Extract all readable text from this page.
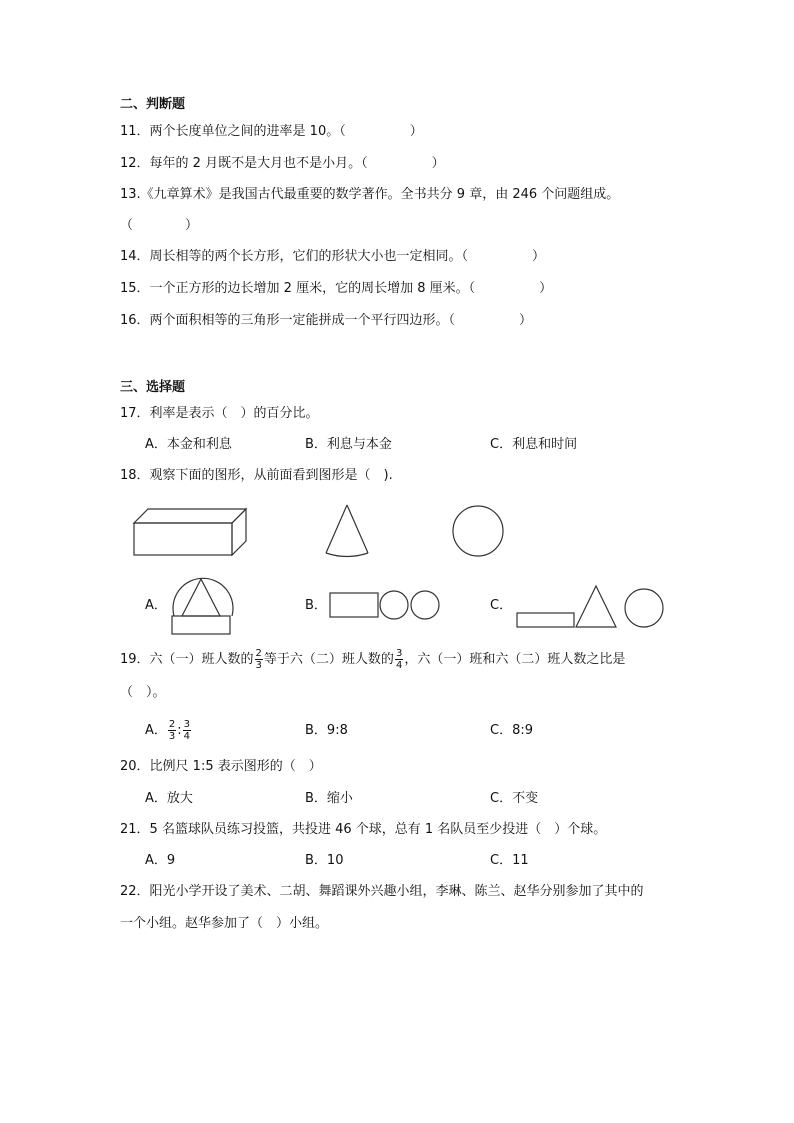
二、判断题
11．两个长度单位之间的进率是 10。（	）
12．每年的 2 月既不是大月也不是小月。（	）
13.《九章算术》是我国古代最重要的数学著作。全书共分 9 章，由 246 个问题组成。
（	）
14．周长相等的两个长方形，它们的形状大小也一定相同。（	）
15．一个正方形的边长增加 2 厘米，它的周长增加 8 厘米。（	）
16．两个面积相等的三角形一定能拼成一个平行四边形。（	）
三、选择题
17．利率是表示（　）的百分比。
A．本金和利息	B．利息与本金	C．利息和时间
18．观察下面的图形，从前面看到图形是（　).
A．	B．	C．
19．六（一）班人数的 $\frac{2}{3}$ 等于六（二）班人数的 $\frac{3}{4}$ ，六（一）班和六（二）班人数之比是
（　）。
A． $\frac{2}{3}$ : $\frac{3}{4}$	B．9:8	C．8:9
20．比例尺 1:5 表示图形的（　）
A．放大	B．缩小	C．不变
21．5 名篮球队员练习投篮，共投进 46 个球，总有 1 名队员至少投进（　）个球。
A．9	B．10	C．11
22．阳光小学开设了美术、二胡、舞蹈课外兴趣小组，李琳、陈兰、赵华分别参加了其中的
一个小组。赵华参加了（　）小组。
